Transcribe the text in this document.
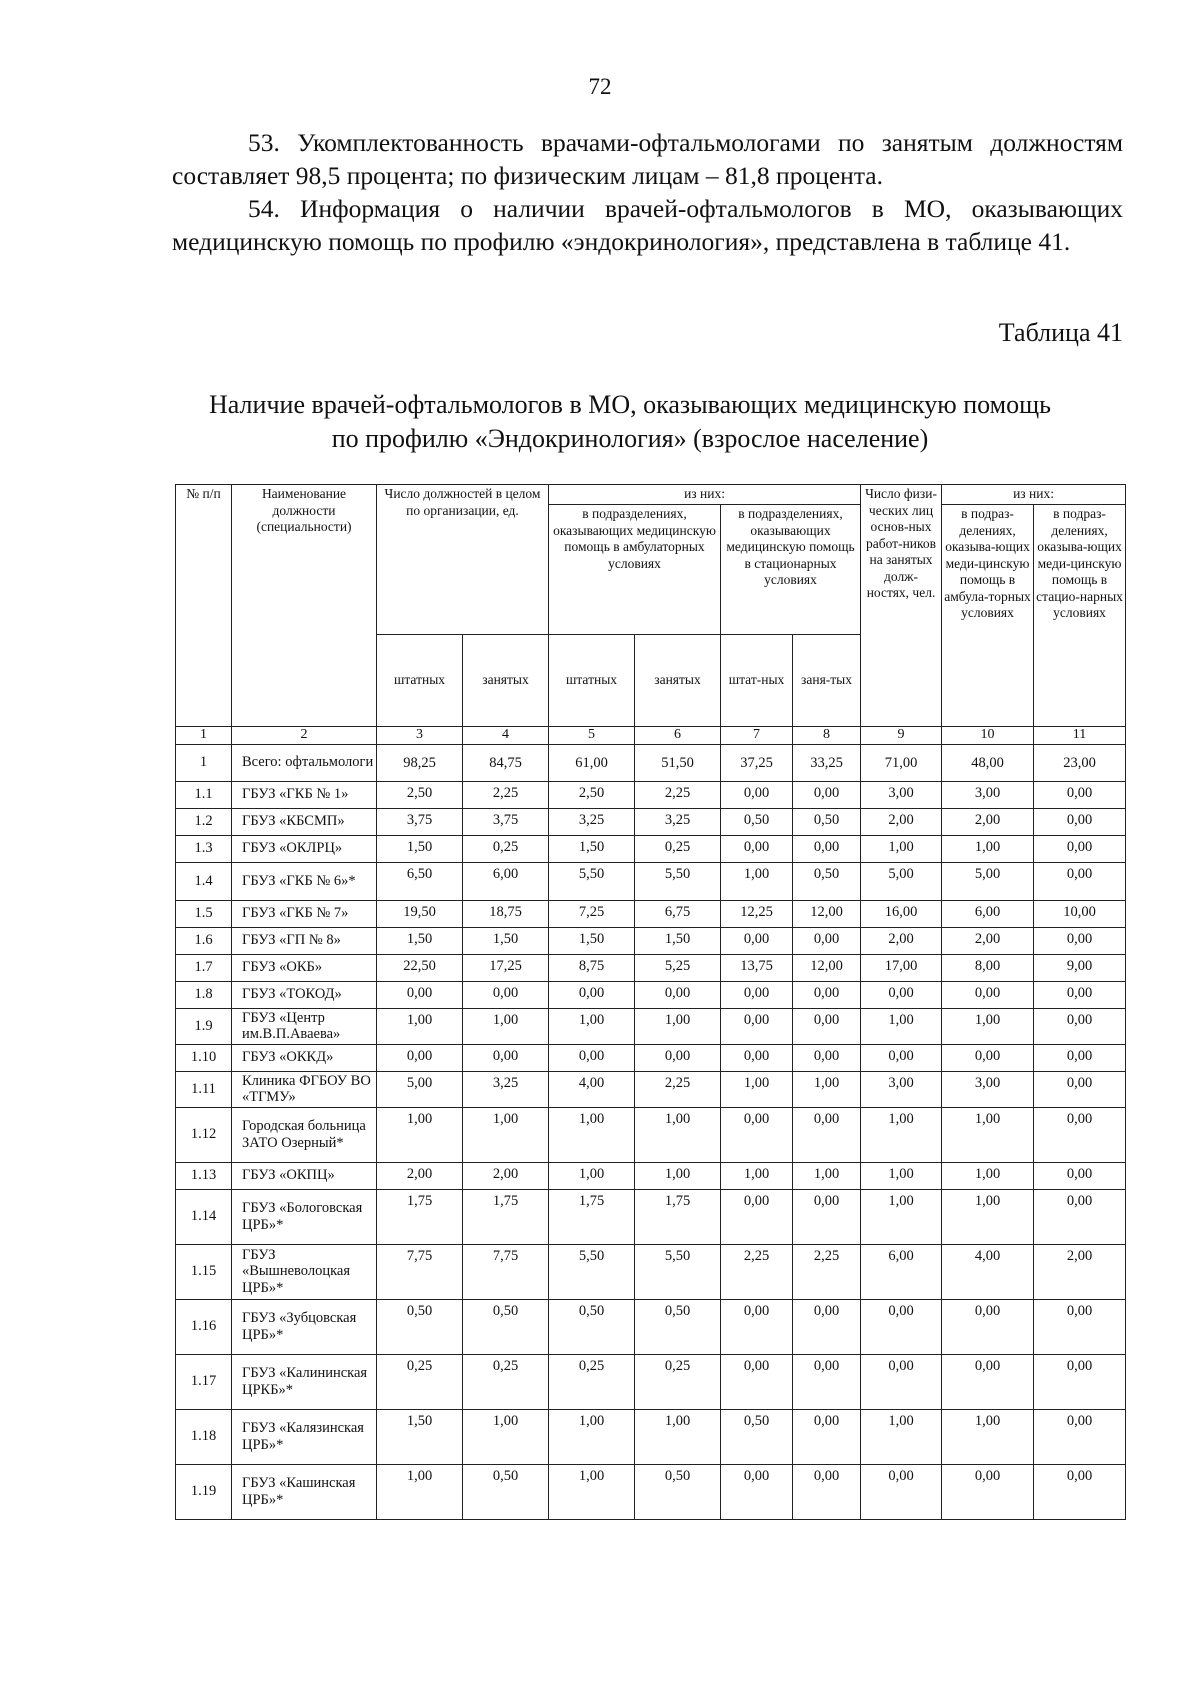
72

53. Укомплектованность врачами-офтальмологами по занятым должностям составляет 98,5 процента; по физическим лицам – 81,8 процента.

54. Информация о наличии врачей-офтальмологов в МО, оказывающих медицинскую помощь по профилю «эндокринология», представлена в таблице 41.

Таблица 41
Наличие врачей-офтальмологов в МО, оказывающих медицинскую помощь
по профилю «Эндокринология» (взрослое население)
№ п/п	Наименование должности (специальности)	Число должностей в целом по организации, ед.		из них:				Число физи-ческих лиц основ-ных работ-ников на занятых долж-ностях, чел.	из них:	
				в подразделениях, оказывающих медицинскую помощь в амбулаторных условиях		в подразделениях, оказывающих медицинскую помощь в стационарных условиях			в подраз-делениях, оказыва-ющих меди-цинскую помощь в амбула-торных условиях	в подраз-делениях, оказыва-ющих меди-цинскую помощь в стацио-нарных условиях
		штатных	занятых	штатных	занятых	штат-ных	заня-тых			
1	2	3	4	5	6	7	8	9	10	11
1	Всего: офтальмологи	98,25	84,75	61,00	51,50	37,25	33,25	71,00	48,00	23,00
1.1	ГБУЗ «ГКБ № 1»	2,50	2,25	2,50	2,25	0,00	0,00	3,00	3,00	0,00
1.2	ГБУЗ «КБСМП»	3,75	3,75	3,25	3,25	0,50	0,50	2,00	2,00	0,00
1.3	ГБУЗ «ОКЛРЦ»	1,50	0,25	1,50	0,25	0,00	0,00	1,00	1,00	0,00
1.4	ГБУЗ «ГКБ № 6»*	6,50	6,00	5,50	5,50	1,00	0,50	5,00	5,00	0,00
1.5	ГБУЗ «ГКБ № 7»	19,50	18,75	7,25	6,75	12,25	12,00	16,00	6,00	10,00
1.6	ГБУЗ «ГП № 8»	1,50	1,50	1,50	1,50	0,00	0,00	2,00	2,00	0,00
1.7	ГБУЗ «ОКБ»	22,50	17,25	8,75	5,25	13,75	12,00	17,00	8,00	9,00
1.8	ГБУЗ «ТОКОД»	0,00	0,00	0,00	0,00	0,00	0,00	0,00	0,00	0,00
1.9	ГБУЗ «Центр им.В.П.Аваева»	1,00	1,00	1,00	1,00	0,00	0,00	1,00	1,00	0,00
1.10	ГБУЗ «ОККД»	0,00	0,00	0,00	0,00	0,00	0,00	0,00	0,00	0,00
1.11	Клиника ФГБОУ ВО «ТГМУ»	5,00	3,25	4,00	2,25	1,00	1,00	3,00	3,00	0,00
1.12	Городская больница ЗАТО Озерный*	1,00	1,00	1,00	1,00	0,00	0,00	1,00	1,00	0,00
1.13	ГБУЗ «ОКПЦ»	2,00	2,00	1,00	1,00	1,00	1,00	1,00	1,00	0,00
1.14	ГБУЗ «Бологовская ЦРБ»*	1,75	1,75	1,75	1,75	0,00	0,00	1,00	1,00	0,00
1.15	ГБУЗ «Вышневолоцкая ЦРБ»*	7,75	7,75	5,50	5,50	2,25	2,25	6,00	4,00	2,00
1.16	ГБУЗ «Зубцовская ЦРБ»*	0,50	0,50	0,50	0,50	0,00	0,00	0,00	0,00	0,00
1.17	ГБУЗ «Калининская ЦРКБ»*	0,25	0,25	0,25	0,25	0,00	0,00	0,00	0,00	0,00
1.18	ГБУЗ «Калязинская ЦРБ»*	1,50	1,00	1,00	1,00	0,50	0,00	1,00	1,00	0,00
1.19	ГБУЗ «Кашинская ЦРБ»*	1,00	0,50	1,00	0,50	0,00	0,00	0,00	0,00	0,00
